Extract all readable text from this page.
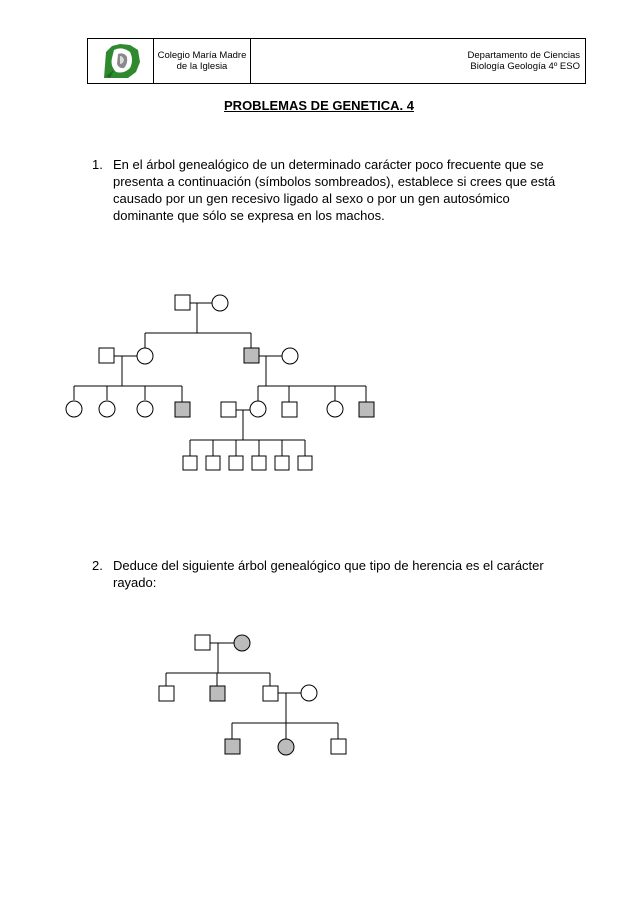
Colegio María Madre
de la Iglesia
Departamento de Ciencias
Biología Geología 4º ESO
PROBLEMAS DE GENETICA. 4
1. En el árbol genealógico de un determinado carácter poco frecuente que se presenta a continuación (símbolos sombreados), establece si crees que está causado por un gen recesivo ligado al sexo o por un gen autosómico dominante que sólo se expresa en los machos.
2. Deduce del siguiente árbol genealógico que tipo de herencia es el carácter rayado:
